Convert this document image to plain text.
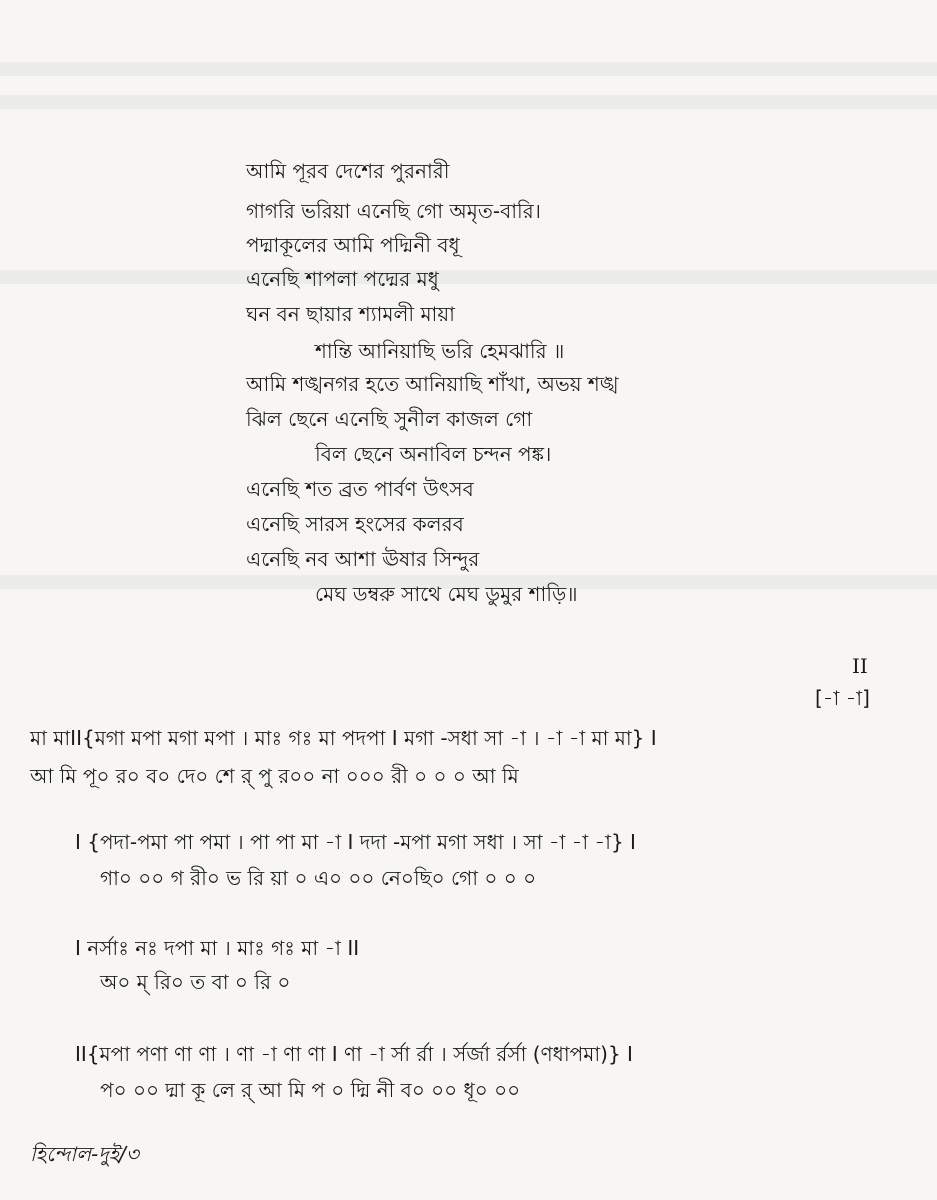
আমি পূরব দেশের পুরনারী
গাগরি ভরিয়া এনেছি গো অমৃত-বারি।
পদ্মাকূলের আমি পদ্মিনী বধূ
এনেছি শাপলা পদ্মের মধু
ঘন বন ছায়ার শ্যামলী মায়া
শান্তি আনিয়াছি ভরি হেমঝারি ॥
আমি শঙ্খনগর হতে আনিয়াছি শাঁখা, অভয় শঙ্খ
ঝিল ছেনে এনেছি সুনীল কাজল গো
বিল ছেনে অনাবিল চন্দন পঙ্ক।
এনেছি শত ব্রত পার্বণ উৎসব
এনেছি সারস হংসের কলরব
এনেছি নব আশা ঊষার সিন্দুর
মেঘ ডম্বরু সাথে মেঘ ডুমুর শাড়ি॥
II
[-া -া]
মা মাII{মগা মপা মগা মপা । মাঃ গঃ মা পদপা I মগা -সধা সা -া । -া -া মা মা} I
আ মি পূ০ র০ ব০ দে০ শে র্ পু র০০ না ০০০ রী ০ ০ ০ আ মি
I {পদা-পমা পা পমা । পা পা মা -া I দদা -মপা মগা সধা । সা -া -া -া} I
গা০ ০০ গ রী০ ভ রি য়া ০ এ০ ০০ নে০ছি০ গো ০ ০ ০
I নর্সাঃ নঃ দপা মা । মাঃ গঃ মা -া II
অ০ ম্ রি০ ত বা ০ রি ০
II{মপা পণা ণা ণা । ণা -া ণা ণা I ণা -া র্সা র্রা । র্সর্জা র্রর্সা (ণধাপমা)} I
প০ ০০ দ্মা কূ লে র্ আ মি প ০ দ্মি নী ব০ ০০ ধূ০ ০০
হিন্দোল-দুই/৩
